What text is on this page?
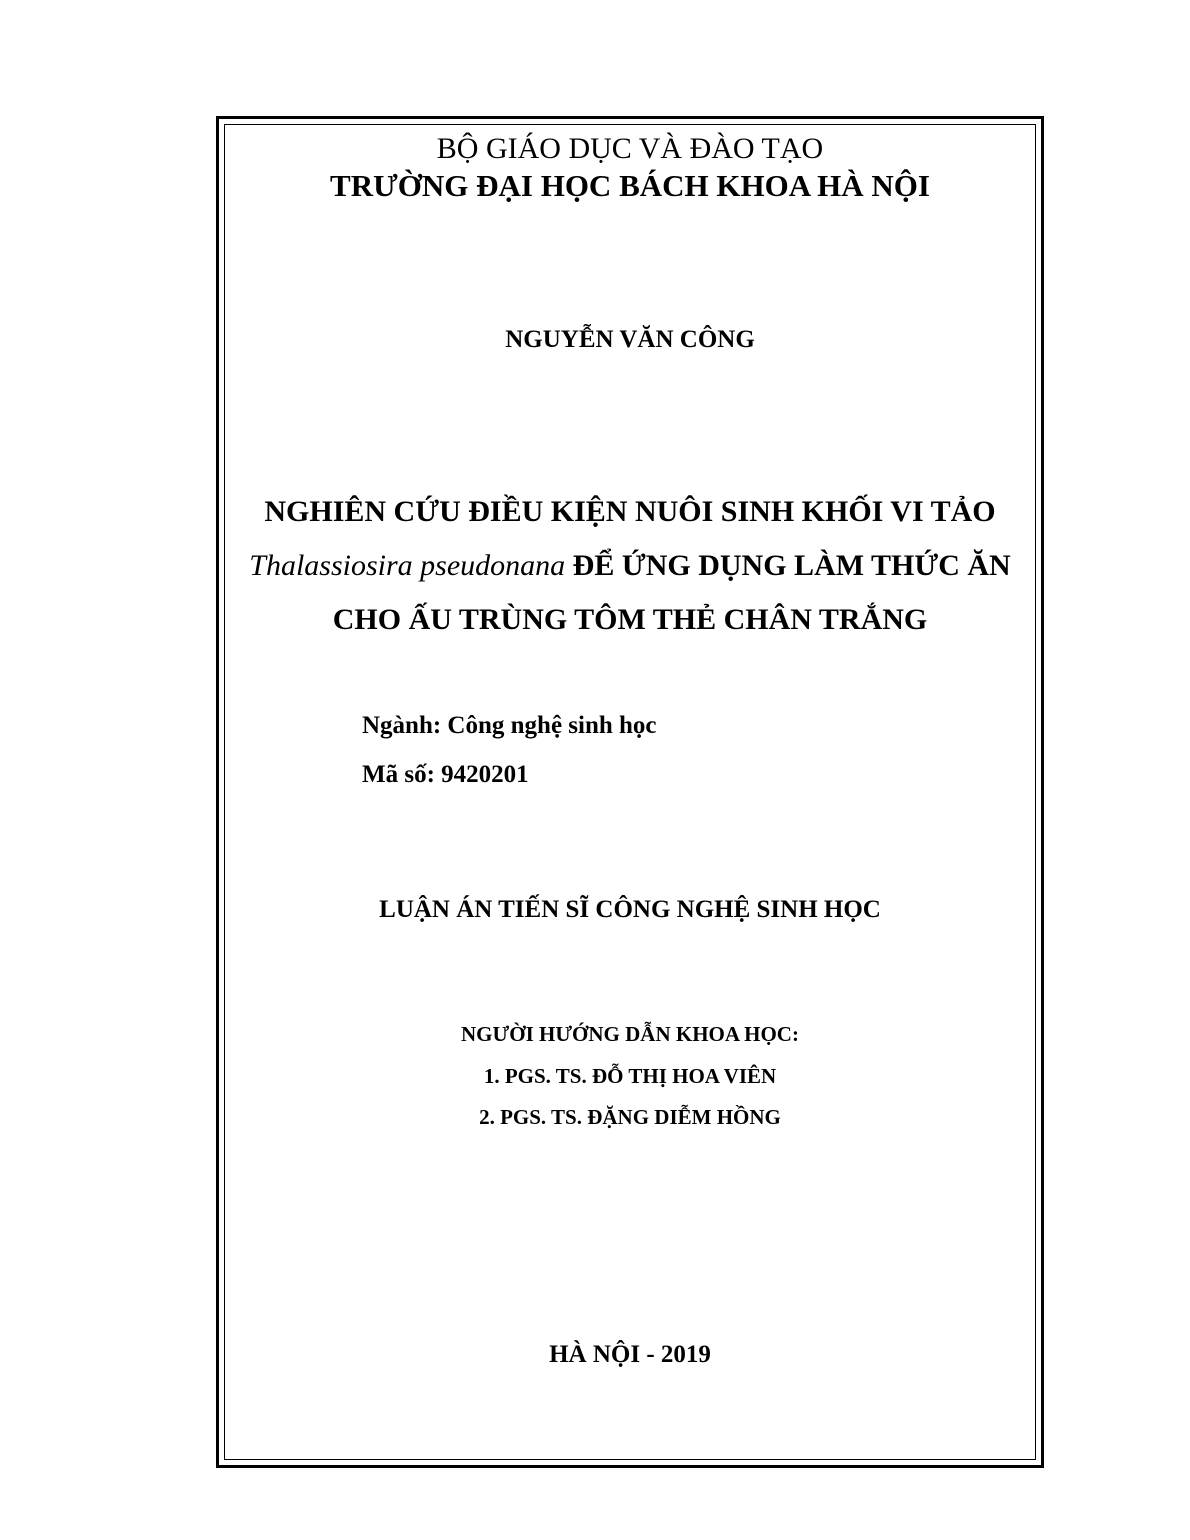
BỘ GIÁO DỤC VÀ ĐÀO TẠO
TRƯỜNG ĐẠI HỌC BÁCH KHOA HÀ NỘI
NGUYỄN VĂN CÔNG
NGHIÊN CỨU ĐIỀU KIỆN NUÔI SINH KHỐI VI TẢO
Thalassiosira pseudonana ĐỂ ỨNG DỤNG LÀM THỨC ĂN
CHO ẤU TRÙNG TÔM THẺ CHÂN TRẮNG
Ngành: Công nghệ sinh học
Mã số: 9420201
LUẬN ÁN TIẾN SĨ CÔNG NGHỆ SINH HỌC
NGƯỜI HƯỚNG DẪN KHOA HỌC:
1. PGS. TS. ĐỖ THỊ HOA VIÊN
2. PGS. TS. ĐẶNG DIỄM HỒNG
HÀ NỘI - 2019
